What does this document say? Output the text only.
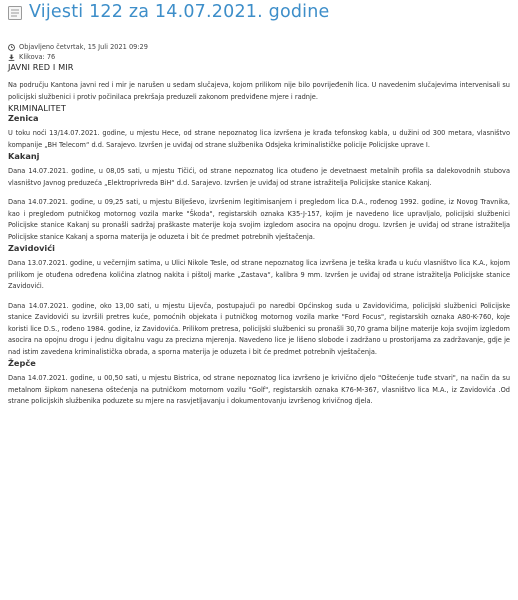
Vijesti 122 za 14.07.2021. godine
Objavljeno četvrtak, 15 Juli 2021 09:29
Klikova: 76
JAVNI RED I MIR

Na području Kantona javni red i mir je narušen u sedam slučajeva, kojom prilikom nije bilo povrijeđenih lica. U navedenim slučajevima intervenisali su policijski službenici i protiv počinilaca prekršaja preduzeli zakonom predviđene mjere i radnje.

KRIMINALITET
Zenica

U toku noći 13/14.07.2021. godine, u mjestu Hece, od strane nepoznatog lica izvršena je krađa tefonskog kabla, u dužini od 300 metara, vlasništvo kompanije „BH Telecom“ d.d. Sarajevo. Izvršen je uviđaj od strane službenika Odsjeka kriminalističke policije Policijske uprave I.

Kakanj

Dana 14.07.2021. godine, u 08,05 sati, u mjestu Tičići, od strane nepoznatog lica otuđeno je devetnaest metalnih profila sa dalekovodnih stubova vlasništvo Javnog preduzeća „Elektroprivreda BiH“ d.d. Sarajevo. Izvršen je uviđaj od strane istražitelja Policijske stanice Kakanj.

Dana 14.07.2021. godine, u 09,25 sati, u mjestu Bilješevo, izvršenim legitimisanjem i pregledom lica D.A., rođenog 1992. godine, iz Novog Travnika, kao i pregledom putničkog motornog vozila marke "Škoda", registarskih oznaka K35-J-157, kojim je navedeno lice upravljalo, policijski službenici Policijske stanice Kakanj su pronašli sadržaj praškaste materije koja svojim izgledom asocira na opojnu drogu. Izvršen je uviđaj od strane istražitelja Policijske stanice Kakanj a sporna materija je oduzeta i bit će predmet potrebnih vještačenja.

Zavidovići

Dana 13.07.2021. godine, u večernjim satima, u Ulici Nikole Tesle, od strane nepoznatog lica izvršena je teška krađa u kuću vlasništvo lica K.A., kojom prilikom je otuđena određena količina zlatnog nakita i pištolj marke „Zastava“, kalibra 9 mm. Izvršen je uviđaj od strane istražitelja Policijske stanice Zavidovići.

Dana 14.07.2021. godine, oko 13,00 sati, u mjestu Lijevča, postupajući po naredbi Općinskog suda u Zavidovićima, policijski službenici Policijske stanice Zavidovići su izvršili pretres kuće, pomoćnih objekata i putničkog motornog vozila marke "Ford Focus", registarskih oznaka A80-K-760, koje koristi lice D.S., rođeno 1984. godine, iz Zavidovića. Prilikom pretresa, policijski službenici su pronašli 30,70 grama biljne materije koja svojim izgledom asocira na opojnu drogu i jednu digitalnu vagu za precizna mjerenja. Navedeno lice je lišeno slobode i zadržano u prostorijama za zadržavanje, gdje je nad istim zavedena kriminalistička obrada, a sporna materija je oduzeta i bit će predmet potrebnih vještačenja.

Žepče

Dana 14.07.2021. godine, u 00,50 sati, u mjestu Bistrica, od strane nepoznatog lica izvršeno je krivično djelo "Oštećenje tuđe stvari", na način da su metalnom šipkom nanesena oštećenja na putničkom motornom vozilu "Golf", registarskih oznaka K76-M-367, vlasništvo lica M.A., iz Zavidovića .Od strane policijskih službenika poduzete su mjere na rasvjetljavanju i dokumentovanju izvršenog krivičnog djela.
